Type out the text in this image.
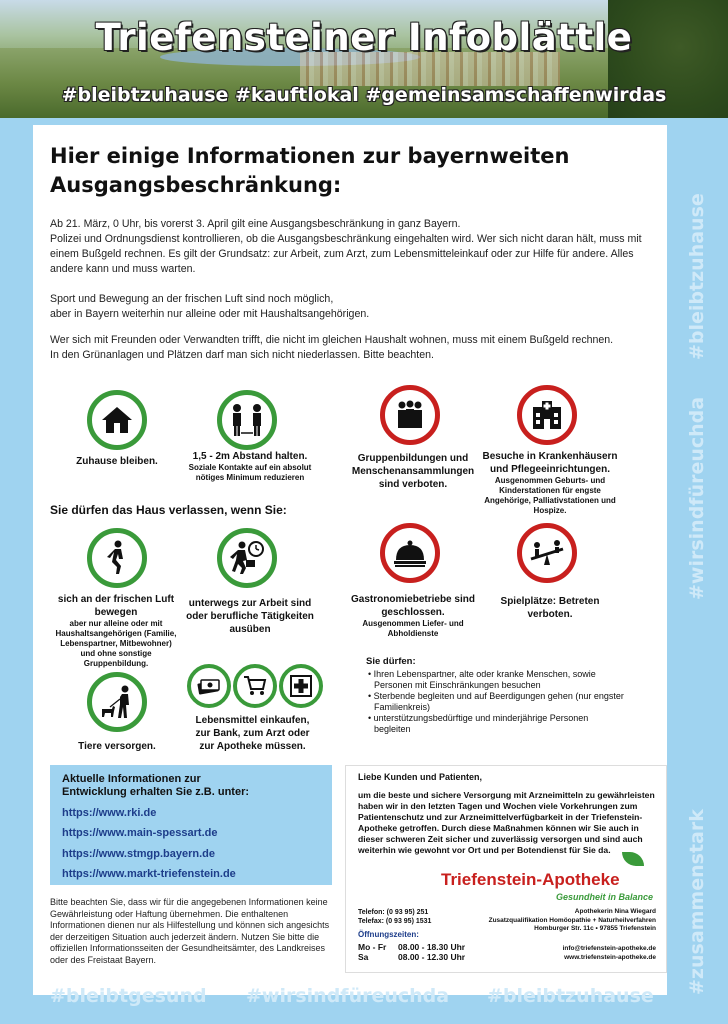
Triefensteiner Infoblättle
#bleibtzuhause #kauftlokal #gemeinsamschaffenwirdas
Hier einige Informationen zur bayernweiten
Ausgangsbeschränkung:
Ab 21. März, 0 Uhr, bis vorerst 3. April gilt eine Ausgangsbeschränkung in ganz Bayern.
Polizei und Ordnungsdienst kontrollieren, ob die Ausgangsbeschränkung eingehalten wird. Wer sich nicht daran hält, muss mit einem Bußgeld rechnen. Es gilt der Grundsatz: zur Arbeit, zum Arzt, zum Lebensmitteleinkauf oder zur Hilfe für andere. Alles andere kann und muss warten.
Sport und Bewegung an der frischen Luft sind noch möglich,
aber in Bayern weiterhin nur alleine oder mit Haushaltsangehörigen.
Wer sich mit Freunden oder Verwandten trifft, die nicht im gleichen Haushalt wohnen, muss mit einem Bußgeld rechnen.
In den Grünanlagen und Plätzen darf man sich nicht niederlassen. Bitte beachten.
Zuhause bleiben.	1,5 - 2m Abstand halten.
Soziale Kontakte auf ein absolut nötiges Minimum reduzieren
Gruppenbildungen und Menschenansammlungen sind verboten.
Besuche in Krankenhäusern und Pflegeeinrichtungen.
Ausgenommen Geburts- und Kinderstationen für engste Angehörige, Palliativstationen und Hospize.
Sie dürfen das Haus verlassen, wenn Sie:
sich an der frischen Luft bewegen
aber nur alleine oder mit Haushaltsangehörigen (Familie, Lebenspartner, Mitbewohner) und ohne sonstige Gruppenbildung.
unterwegs zur Arbeit sind oder berufliche Tätigkeiten ausüben
Gastronomiebetriebe sind geschlossen.
Ausgenommen Liefer- und Abholdienste
Spielplätze: Betreten verboten.
Tiere versorgen.
Lebensmittel einkaufen, zur Bank, zum Arzt oder zur Apotheke müssen.
Sie dürfen:
• Ihren Lebenspartner, alte oder kranke Menschen, sowie Personen mit Einschränkungen besuchen
• Sterbende begleiten und auf Beerdigungen gehen (nur engster Familienkreis)
• unterstützungsbedürftige und minderjährige Personen begleiten
Aktuelle Informationen zur Entwicklung erhalten Sie z.B. unter:
https://www.rki.de
https://www.main-spessart.de
https://www.stmgp.bayern.de
https://www.markt-triefenstein.de
Bitte beachten Sie, dass wir für die angegebenen Informationen keine Gewährleistung oder Haftung übernehmen. Die enthaltenen Informationen dienen nur als Hilfestellung und können sich angesichts der derzeitigen Situation auch jederzeit ändern. Nutzen Sie bitte die offiziellen Informationsseiten der Gesundheitsämter, des Landkreises oder des Freistaat Bayern.
Liebe Kunden und Patienten,
um die beste und sichere Versorgung mit Arzneimitteln zu gewährleisten haben wir in den letzten Tagen und Wochen viele Vorkehrungen zum Patientenschutz und zur Arzneimittelverfügbarkeit in der Triefenstein-Apotheke getroffen. Durch diese Maßnahmen können wir Sie auch in dieser schweren Zeit sicher und zuverlässig versorgen und sind auch weiterhin wie gewohnt vor Ort und per Botendienst für Sie da.
Triefenstein-Apotheke
Gesundheit in Balance
Telefon: (0 93 95) 251
Telefax: (0 93 95) 1531
Apothekerin Nina Wiegard
Zusatzqualifikation Homöopathie + Naturheilverfahren
Homburger Str. 11c • 97855 Triefenstein
Öffnungszeiten:
Mo - Fr 08.00 - 18.30 Uhr
Sa	08.00 - 12.30 Uhr
info@triefenstein-apotheke.de
www.triefenstein-apotheke.de
#bleibtgesund #wirsindfüreuchda #bleibtzuhause
#bleibtzuhause
#wirsindfüreuchda
#zusammenstark
